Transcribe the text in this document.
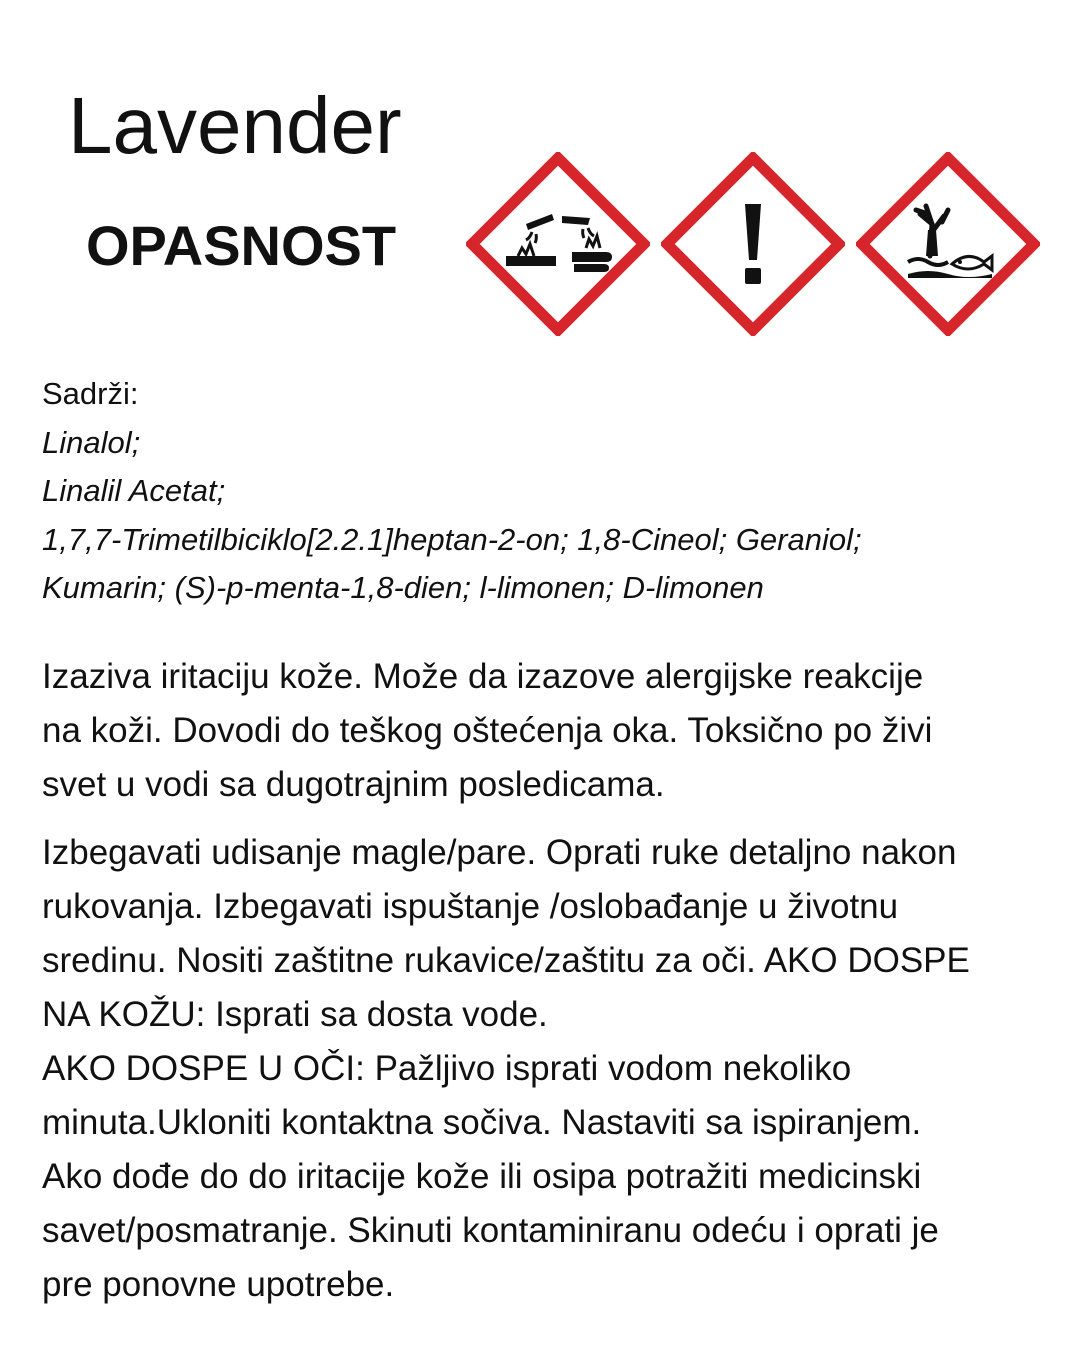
Lavender
OPASNOST
Sadrži:
Linalol;
Linalil Acetat;
1,7,7-Trimetilbiciklo[2.2.1]heptan-2-on; 1,8-Cineol; Geraniol;
Kumarin; (S)-p-menta-1,8-dien; l-limonen; D-limonen
Izaziva iritaciju kože. Može da izazove alergijske reakcije
na koži. Dovodi do teškog oštećenja oka. Toksično po živi
svet u vodi sa dugotrajnim posledicama.
Izbegavati udisanje magle/pare. Oprati ruke detaljno nakon
rukovanja. Izbegavati ispuštanje /oslobađanje u životnu
sredinu. Nositi zaštitne rukavice/zaštitu za oči. AKO DOSPE
NA KOŽU: Isprati sa dosta vode.
AKO DOSPE U OČI: Pažljivo isprati vodom nekoliko
minuta.Ukloniti kontaktna sočiva. Nastaviti sa ispiranjem.
Ako dođe do do iritacije kože ili osipa potražiti medicinski
savet/posmatranje. Skinuti kontaminiranu odeću i oprati je
pre ponovne upotrebe.
